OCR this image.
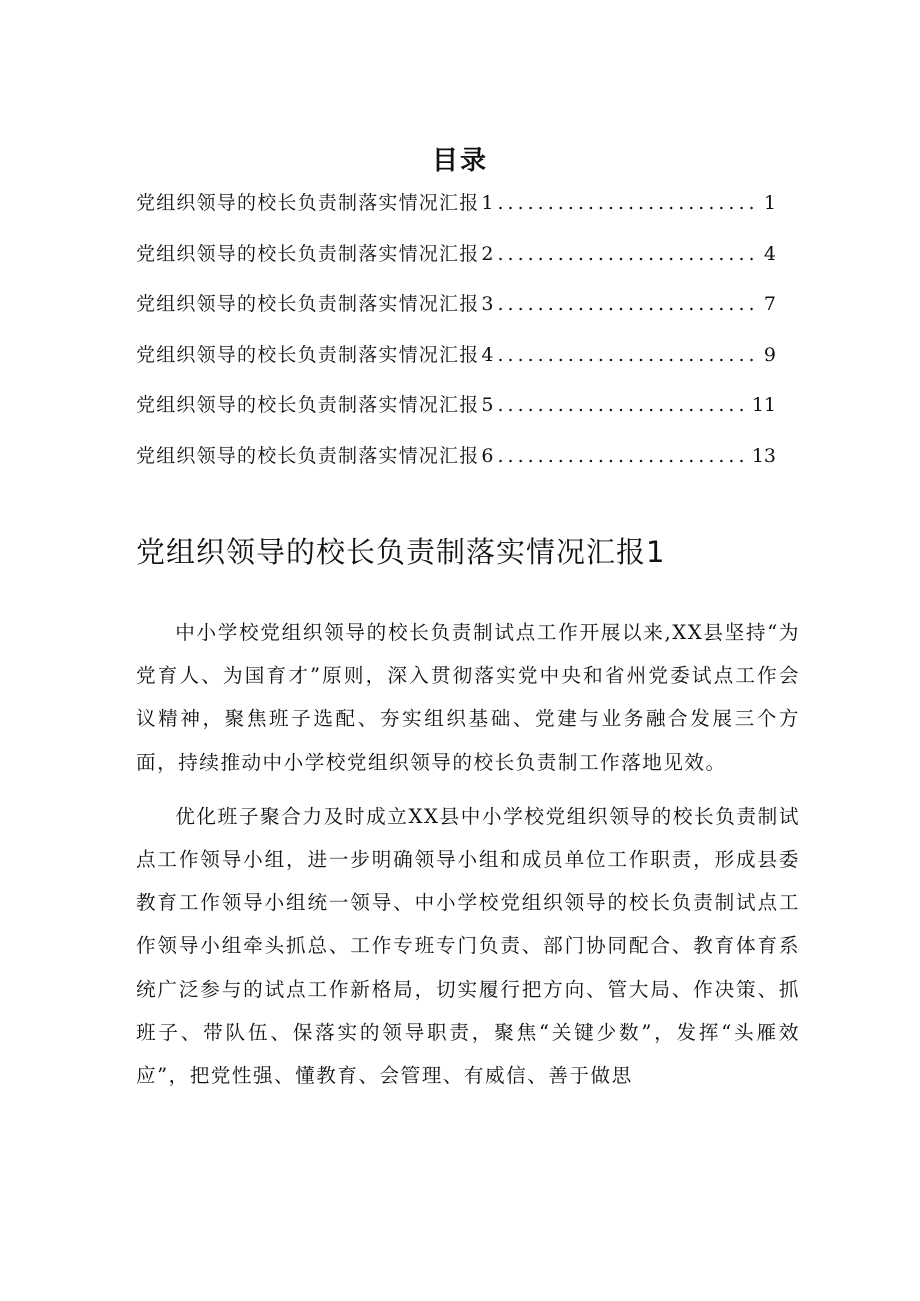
目录
党组织领导的校长负责制落实情况汇报 1 .....	1
党组织领导的校长负责制落实情况汇报 2 .....	4
党组织领导的校长负责制落实情况汇报 3 .....	7
党组织领导的校长负责制落实情况汇报 4 .....	9
党组织领导的校长负责制落实情况汇报 5 .....	11
党组织领导的校长负责制落实情况汇报 6 .....	13
党组织领导的校长负责制落实情况汇报1

中小学校党组织领导的校长负责制试点工作开展以来,XX县坚持“为党育人、为国育才”原则，深入贯彻落实党中央和省州党委试点工作会议精神，聚焦班子选配、夯实组织基础、党建与业务融合发展三个方面，持续推动中小学校党组织领导的校长负责制工作落地见效。

优化班子聚合力及时成立XX县中小学校党组织领导的校长负责制试点工作领导小组，进一步明确领导小组和成员单位工作职责，形成县委教育工作领导小组统一领导、中小学校党组织领导的校长负责制试点工作领导小组牵头抓总、工作专班专门负责、部门协同配合、教育体育系统广泛参与的试点工作新格局，切实履行把方向、管大局、作决策、抓班子、带队伍、保落实的领导职责，聚焦“关键少数”，发挥“头雁效应”，把党性强、懂教育、会管理、有威信、善于做思
